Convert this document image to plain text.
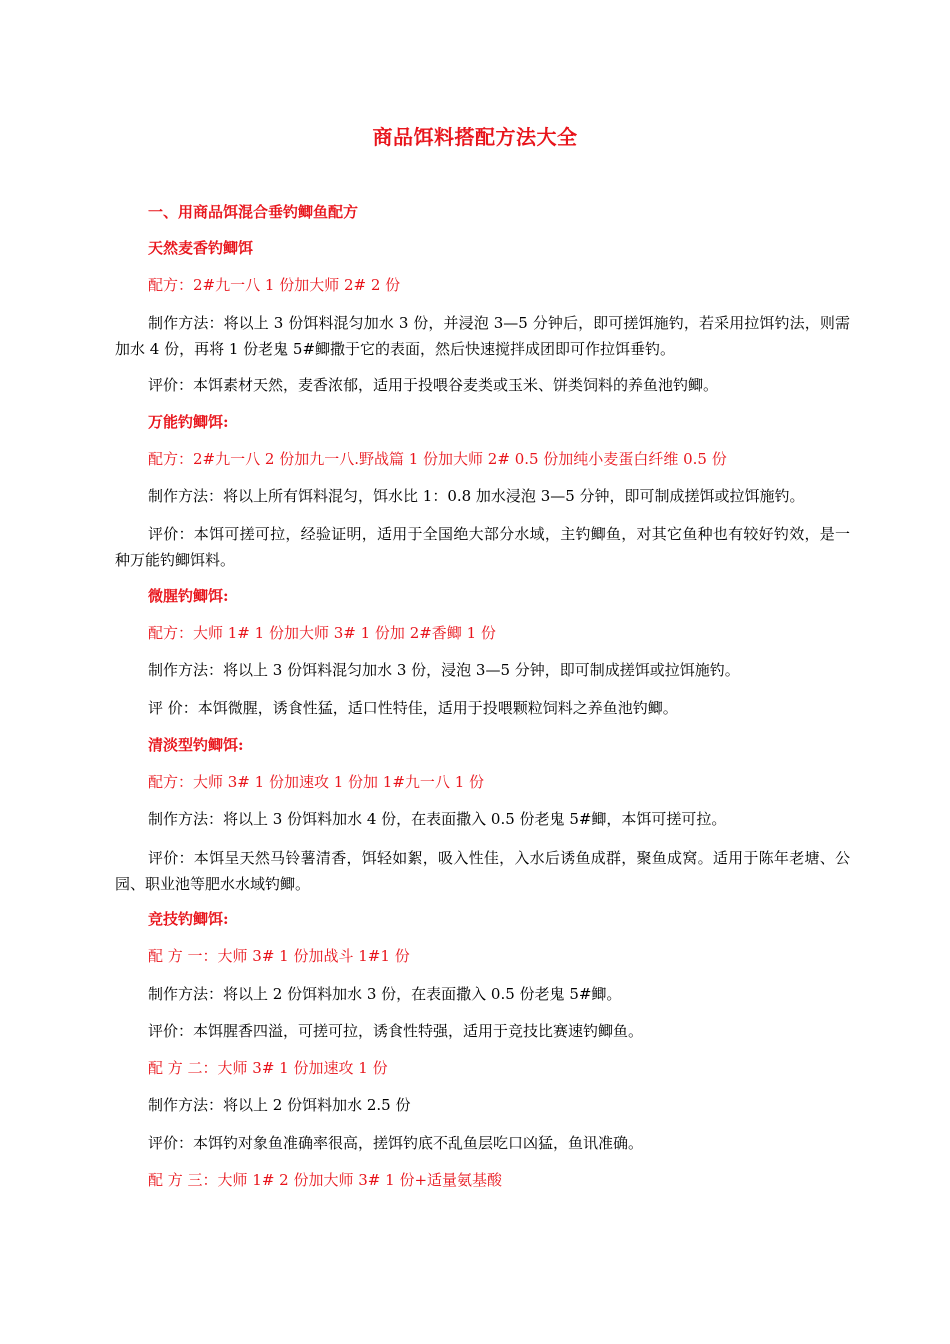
商品饵料搭配方法大全
一、用商品饵混合垂钓鲫鱼配方
天然麦香钓鲫饵
配方：2#九一八 1 份加大师 2# 2 份
制作方法：将以上 3 份饵料混匀加水 3 份，并浸泡 3—5 分钟后，即可搓饵施钓，若采用拉饵钓法，则需加水 4 份，再将 1 份老鬼 5#鲫撒于它的表面，然后快速搅拌成团即可作拉饵垂钓。
评价：本饵素材天然，麦香浓郁，适用于投喂谷麦类或玉米、饼类饲料的养鱼池钓鲫。
万能钓鲫饵:
配方：2#九一八 2 份加九一八.野战篇 1 份加大师 2# 0.5 份加纯小麦蛋白纤维 0.5 份
制作方法：将以上所有饵料混匀，饵水比 1：0.8 加水浸泡 3—5 分钟，即可制成搓饵或拉饵施钓。
评价：本饵可搓可拉，经验证明，适用于全国绝大部分水域，主钓鲫鱼，对其它鱼种也有较好钓效，是一种万能钓鲫饵料。
微腥钓鲫饵:
配方：大师 1# 1 份加大师 3# 1 份加 2#香鲫 1 份
制作方法：将以上 3 份饵料混匀加水 3 份，浸泡 3—5 分钟，即可制成搓饵或拉饵施钓。
评 价：本饵微腥，诱食性猛，适口性特佳，适用于投喂颗粒饲料之养鱼池钓鲫。
清淡型钓鲫饵:
配方：大师 3# 1 份加速攻 1 份加 1#九一八 1 份
制作方法：将以上 3 份饵料加水 4 份，在表面撒入 0.5 份老鬼 5#鲫，本饵可搓可拉。
评价：本饵呈天然马铃薯清香，饵轻如絮，吸入性佳，入水后诱鱼成群，聚鱼成窝。适用于陈年老塘、公园、职业池等肥水水域钓鲫。
竞技钓鲫饵:
配 方 一：大师 3# 1 份加战斗 1#1 份
制作方法：将以上 2 份饵料加水 3 份，在表面撒入 0.5 份老鬼 5#鲫。
评价：本饵腥香四溢，可搓可拉，诱食性特强，适用于竞技比赛速钓鲫鱼。
配 方 二：大师 3# 1 份加速攻 1 份
制作方法：将以上 2 份饵料加水 2.5 份
评价：本饵钓对象鱼准确率很高，搓饵钓底不乱鱼层吃口凶猛，鱼讯准确。
配 方 三：大师 1# 2 份加大师 3# 1 份+适量氨基酸
